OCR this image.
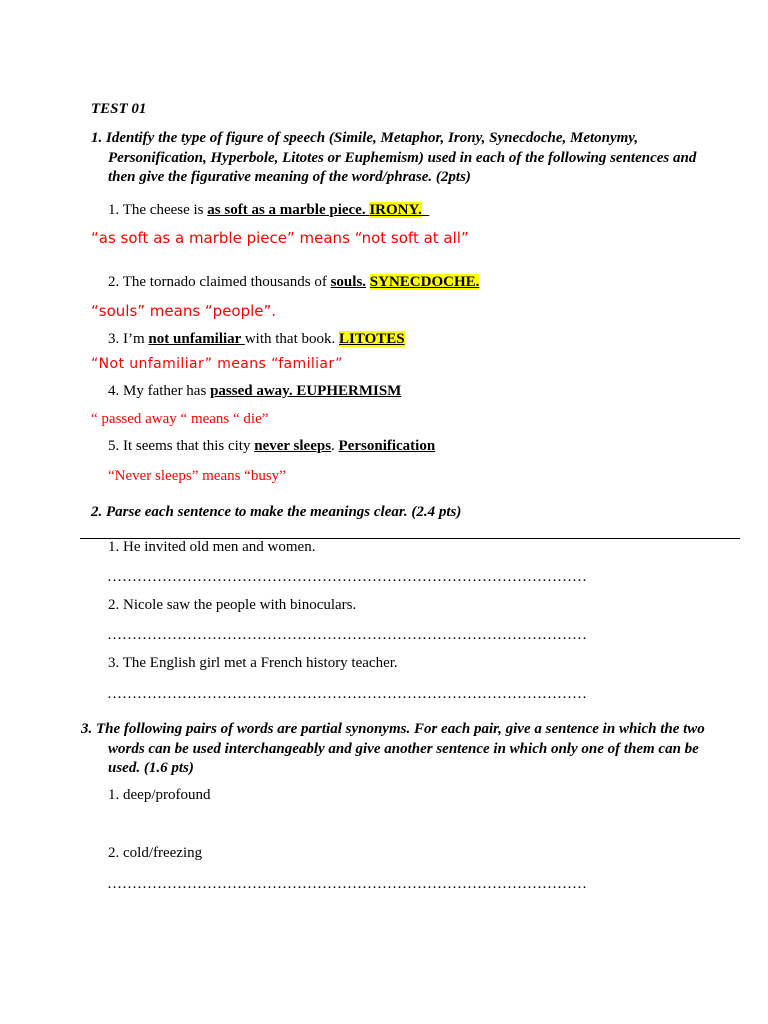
TEST 01
1. Identify the type of figure of speech (Simile, Metaphor, Irony, Synecdoche, Metonymy, Personification, Hyperbole, Litotes or Euphemism) used in each of the following sentences and then give the figurative meaning of the word/phrase. (2pts)
1. The cheese is as soft as a marble piece. IRONY.
“as soft as a marble piece” means “not soft at all”
2. The tornado claimed thousands of souls. SYNECDOCHE.
“souls” means “people”.
3. I’m not unfamiliar with that book. LITOTES
“Not unfamiliar” means “familiar”
4. My father has passed away. EUPHERMISM
“ passed away “ means “ die”
5. It seems that this city never sleeps. Personification
“Never sleeps” means “busy”
2. Parse each sentence to make the meanings clear. (2.4 pts)
1. He invited old men and women.
……………………………………………………………………………………
2. Nicole saw the people with binoculars.
……………………………………………………………………………………
3. The English girl met a French history teacher.
……………………………………………………………………………………
3. The following pairs of words are partial synonyms. For each pair, give a sentence in which the two words can be used interchangeably and give another sentence in which only one of them can be used. (1.6 pts)
1. deep/profound
2. cold/freezing
……………………………………………………………………………………
